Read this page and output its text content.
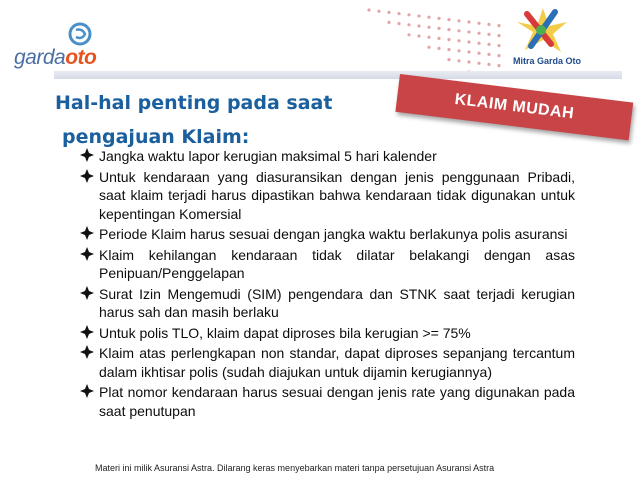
gardaoto	Mitra Garda Oto
KLAIM MUDAH
Hal-hal penting pada saat
pengajuan Klaim:
Jangka waktu lapor kerugian maksimal 5 hari kalender
Untuk kendaraan yang diasuransikan dengan jenis penggunaan Pribadi, saat klaim terjadi harus dipastikan bahwa kendaraan tidak digunakan untuk kepentingan Komersial
Periode Klaim harus sesuai dengan jangka waktu berlakunya polis asuransi
Klaim kehilangan kendaraan tidak dilatar belakangi dengan asas Penipuan/Penggelapan
Surat Izin Mengemudi (SIM) pengendara dan STNK saat terjadi kerugian harus sah dan masih berlaku
Untuk polis TLO, klaim dapat diproses bila kerugian >= 75%
Klaim atas perlengkapan non standar, dapat diproses sepanjang tercantum dalam ikhtisar polis (sudah diajukan untuk dijamin kerugiannya)
Plat nomor kendaraan harus sesuai dengan jenis rate yang digunakan pada saat penutupan
Materi ini milik Asuransi Astra. Dilarang keras menyebarkan materi tanpa persetujuan Asuransi Astra
